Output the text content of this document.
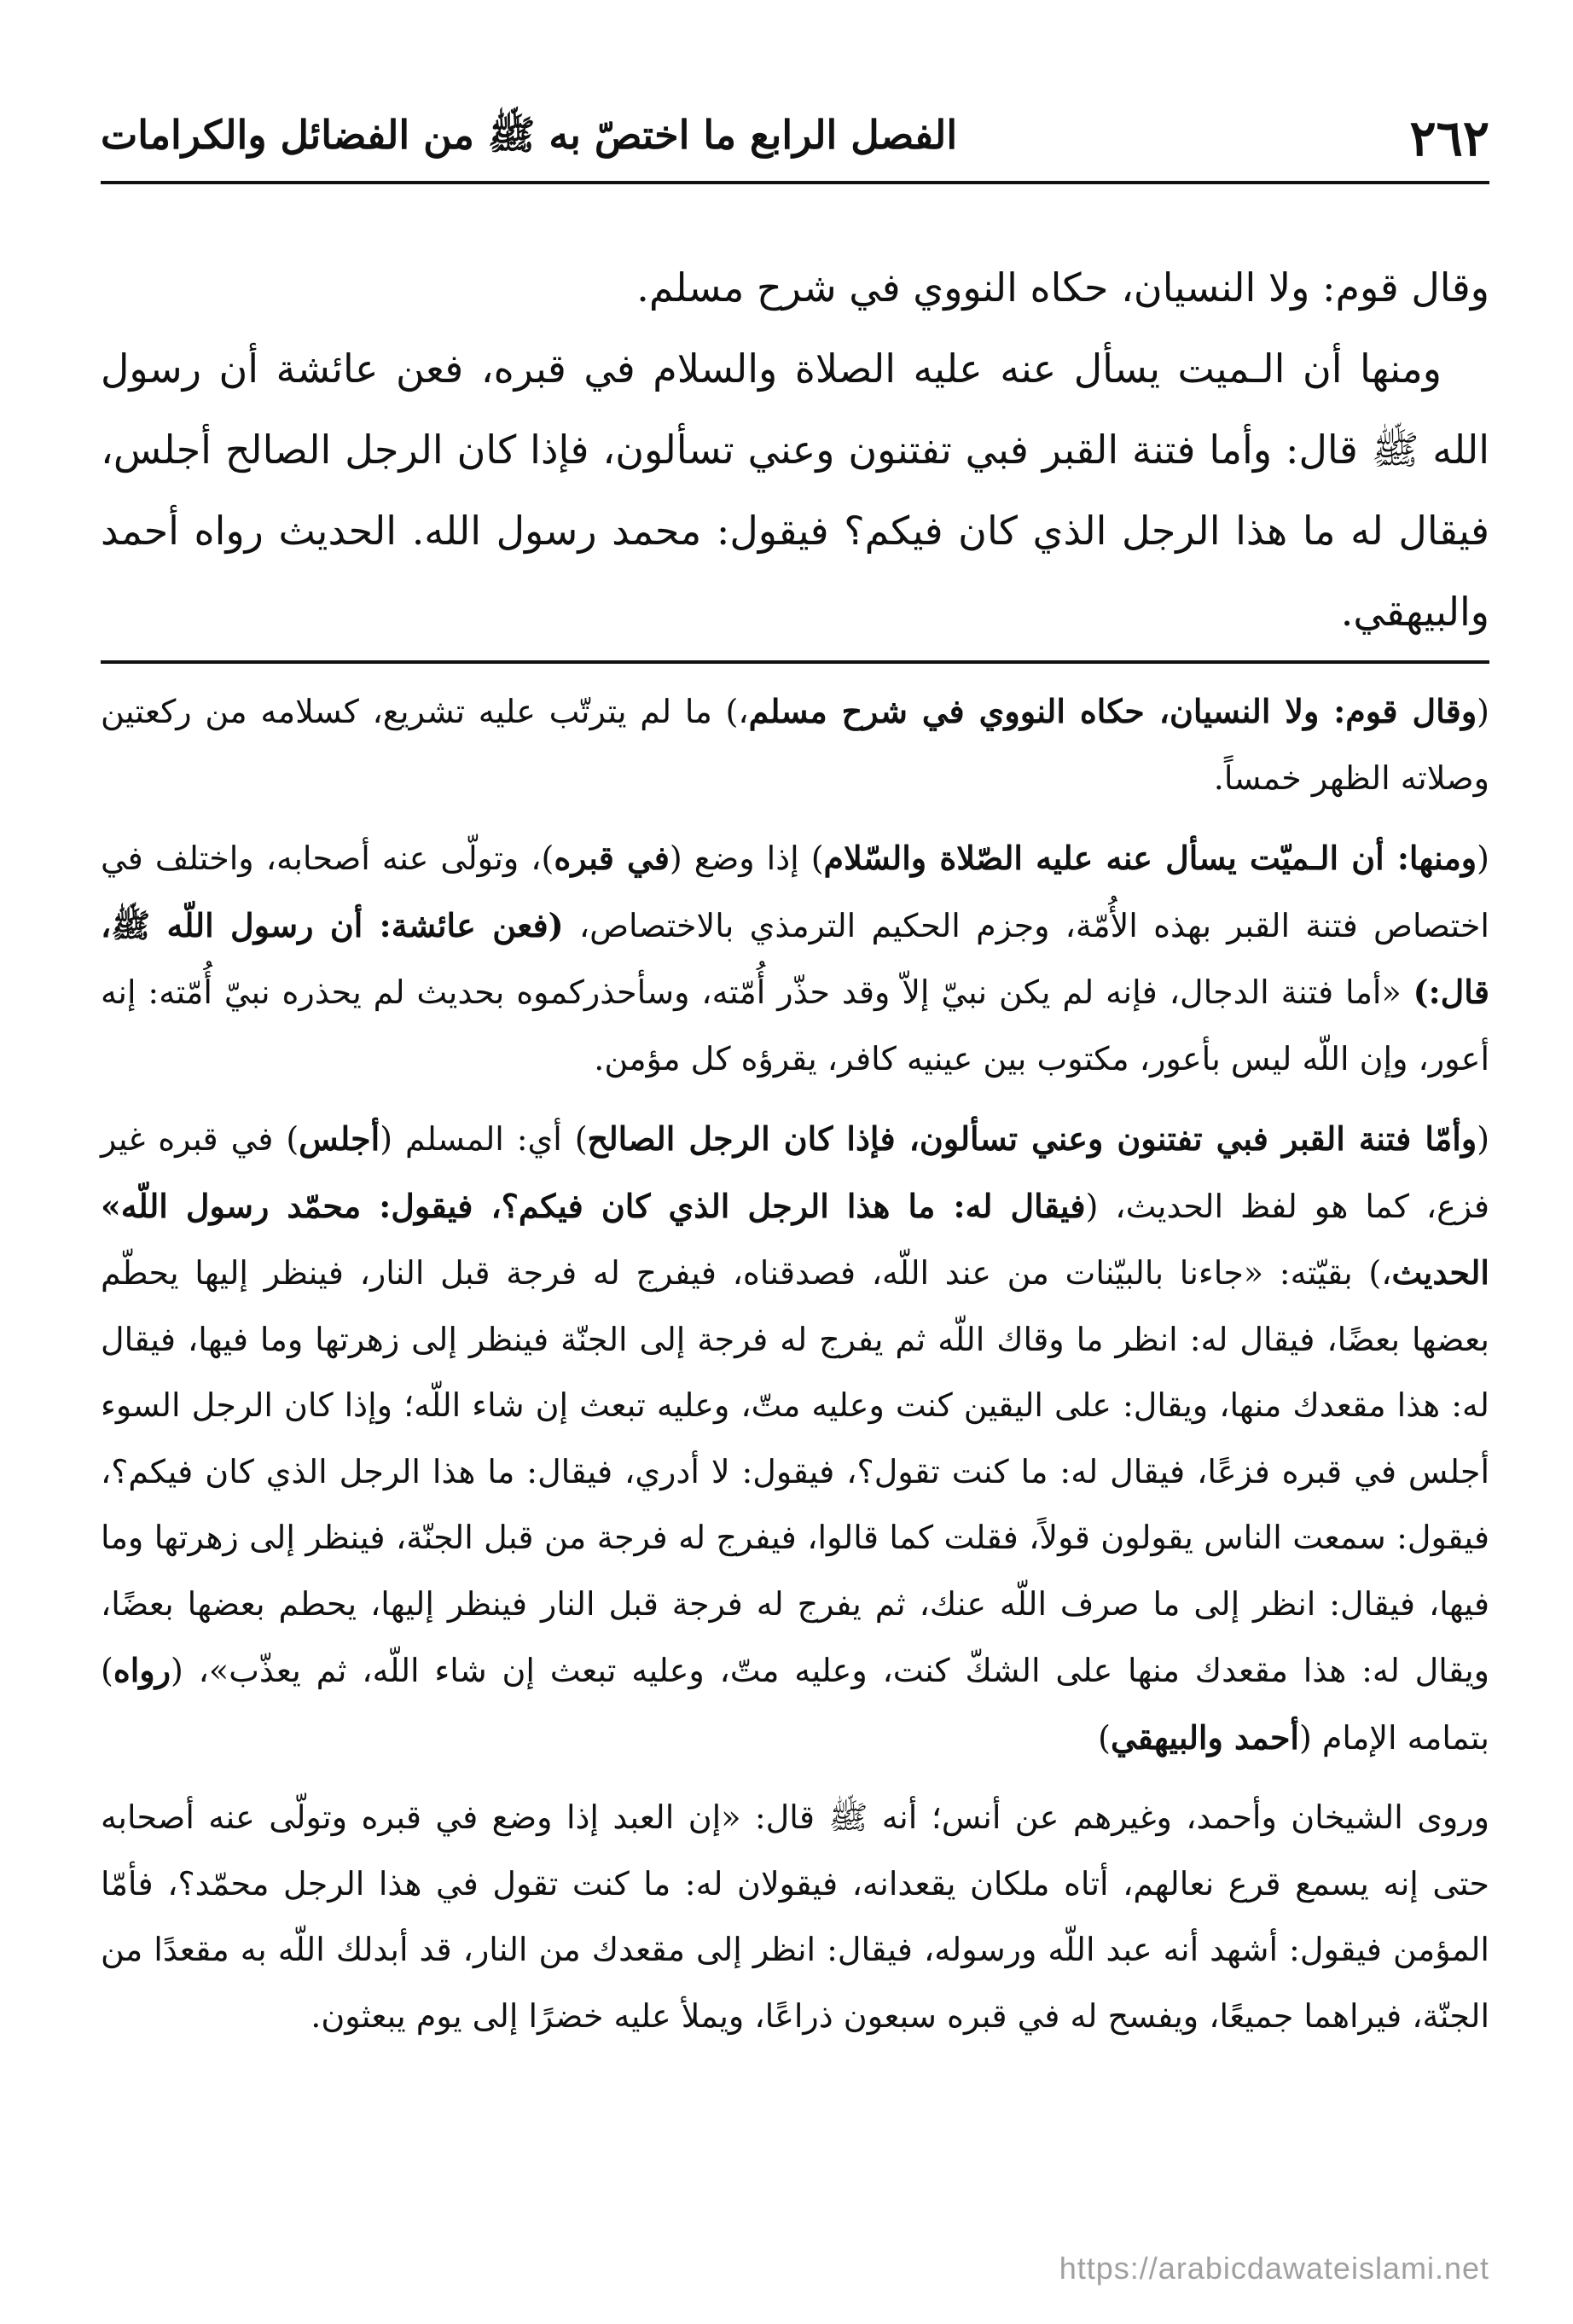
٢٦٢
الفصل الرابع ما اختصّ به ﷺ من الفضائل والكرامات

وقال قوم: ولا النسيان، حكاه النووي في شرح مسلم.

ومنها أن الـميت يسأل عنه عليه الصلاة والسلام في قبره، فعن عائشة أن رسول الله ﷺ قال: وأما فتنة القبر فبي تفتنون وعني تسألون، فإذا كان الرجل الصالح أجلس، فيقال له ما هذا الرجل الذي كان فيكم؟ فيقول: محمد رسول الله. الحديث رواه أحمد والبيهقي.

(وقال قوم: ولا النسيان، حكاه النووي في شرح مسلم،) ما لم يترتّب عليه تشريع، كسلامه من ركعتين وصلاته الظهر خمساً.

(ومنها: أن الـميّت يسأل عنه عليه الصّلاة والسّلام) إذا وضع (في قبره)، وتولّى عنه أصحابه، واختلف في اختصاص فتنة القبر بهذه الأُمّة، وجزم الحكيم الترمذي بالاختصاص، (فعن عائشة: أن رسول اللّه ﷺ، قال:) «أما فتنة الدجال، فإنه لم يكن نبيّ إلاّ وقد حذّر أُمّته، وسأحذركموه بحديث لم يحذره نبيّ أُمّته: إنه أعور، وإن اللّه ليس بأعور، مكتوب بين عينيه كافر، يقرؤه كل مؤمن.

(وأمّا فتنة القبر فبي تفتنون وعني تسألون، فإذا كان الرجل الصالح) أي: المسلم (أجلس) في قبره غير فزع، كما هو لفظ الحديث، (فيقال له: ما هذا الرجل الذي كان فيكم؟، فيقول: محمّد رسول اللّه» الحديث،) بقيّته: «جاءنا بالبيّنات من عند اللّه، فصدقناه، فيفرج له فرجة قبل النار، فينظر إليها يحطّم بعضها بعضًا، فيقال له: انظر ما وقاك اللّه ثم يفرج له فرجة إلى الجنّة فينظر إلى زهرتها وما فيها، فيقال له: هذا مقعدك منها، ويقال: على اليقين كنت وعليه متّ، وعليه تبعث إن شاء اللّه؛ وإذا كان الرجل السوء أجلس في قبره فزعًا، فيقال له: ما كنت تقول؟، فيقول: لا أدري، فيقال: ما هذا الرجل الذي كان فيكم؟، فيقول: سمعت الناس يقولون قولاً، فقلت كما قالوا، فيفرج له فرجة من قبل الجنّة، فينظر إلى زهرتها وما فيها، فيقال: انظر إلى ما صرف اللّه عنك، ثم يفرج له فرجة قبل النار فينظر إليها، يحطم بعضها بعضًا، ويقال له: هذا مقعدك منها على الشكّ كنت، وعليه متّ، وعليه تبعث إن شاء اللّه، ثم يعذّب»، (رواه) بتمامه الإمام (أحمد والبيهقي)

وروى الشيخان وأحمد، وغيرهم عن أنس؛ أنه ﷺ قال: «إن العبد إذا وضع في قبره وتولّى عنه أصحابه حتى إنه يسمع قرع نعالهم، أتاه ملكان يقعدانه، فيقولان له: ما كنت تقول في هذا الرجل محمّد؟، فأمّا المؤمن فيقول: أشهد أنه عبد اللّه ورسوله، فيقال: انظر إلى مقعدك من النار، قد أبدلك اللّه به مقعدًا من الجنّة، فيراهما جميعًا، ويفسح له في قبره سبعون ذراعًا، ويملأ عليه خضرًا إلى يوم يبعثون.

https://arabicdawateislami.net
